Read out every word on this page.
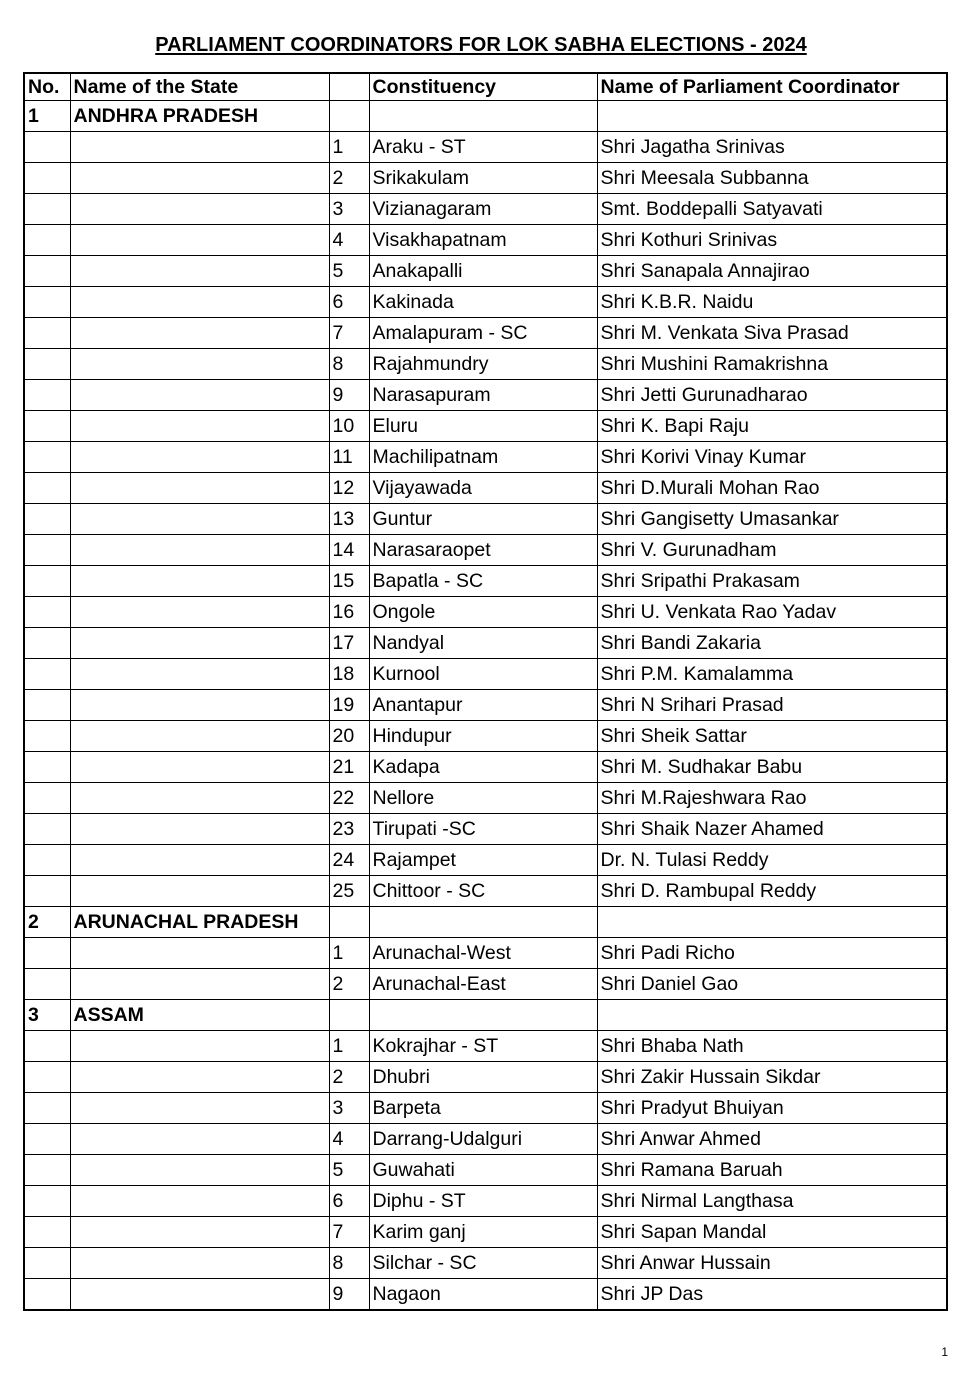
PARLIAMENT COORDINATORS FOR LOK SABHA ELECTIONS - 2024
No.	Name of the State		Constituency	Name of Parliament Coordinator
1	ANDHRA PRADESH			
		1	Araku - ST	Shri Jagatha Srinivas
		2	Srikakulam	Shri Meesala Subbanna
		3	Vizianagaram	Smt. Boddepalli Satyavati
		4	Visakhapatnam	Shri Kothuri Srinivas
		5	Anakapalli	Shri Sanapala Annajirao
		6	Kakinada	Shri K.B.R. Naidu
		7	Amalapuram - SC	Shri M. Venkata Siva Prasad
		8	Rajahmundry	Shri Mushini Ramakrishna
		9	Narasapuram	Shri Jetti Gurunadharao
		10	Eluru	Shri K. Bapi Raju
		11	Machilipatnam	Shri Korivi Vinay Kumar
		12	Vijayawada	Shri D.Murali Mohan Rao
		13	Guntur	Shri Gangisetty Umasankar
		14	Narasaraopet	Shri V. Gurunadham
		15	Bapatla - SC	Shri Sripathi Prakasam
		16	Ongole	Shri U. Venkata Rao Yadav
		17	Nandyal	Shri Bandi Zakaria
		18	Kurnool	Shri P.M. Kamalamma
		19	Anantapur	Shri N Srihari Prasad
		20	Hindupur	Shri Sheik Sattar
		21	Kadapa	Shri M. Sudhakar Babu
		22	Nellore	Shri M.Rajeshwara Rao
		23	Tirupati -SC	Shri Shaik Nazer Ahamed
		24	Rajampet	Dr. N. Tulasi Reddy
		25	Chittoor - SC	Shri D. Rambupal Reddy
2	ARUNACHAL PRADESH			
		1	Arunachal-West	Shri Padi Richo
		2	Arunachal-East	Shri Daniel Gao
3	ASSAM			
		1	Kokrajhar - ST	Shri Bhaba Nath
		2	Dhubri	Shri Zakir Hussain Sikdar
		3	Barpeta	Shri Pradyut Bhuiyan
		4	Darrang-Udalguri	Shri Anwar Ahmed
		5	Guwahati	Shri Ramana Baruah
		6	Diphu - ST	Shri Nirmal Langthasa
		7	Karim ganj	Shri Sapan Mandal
		8	Silchar - SC	Shri Anwar Hussain
		9	Nagaon	Shri JP Das
1
